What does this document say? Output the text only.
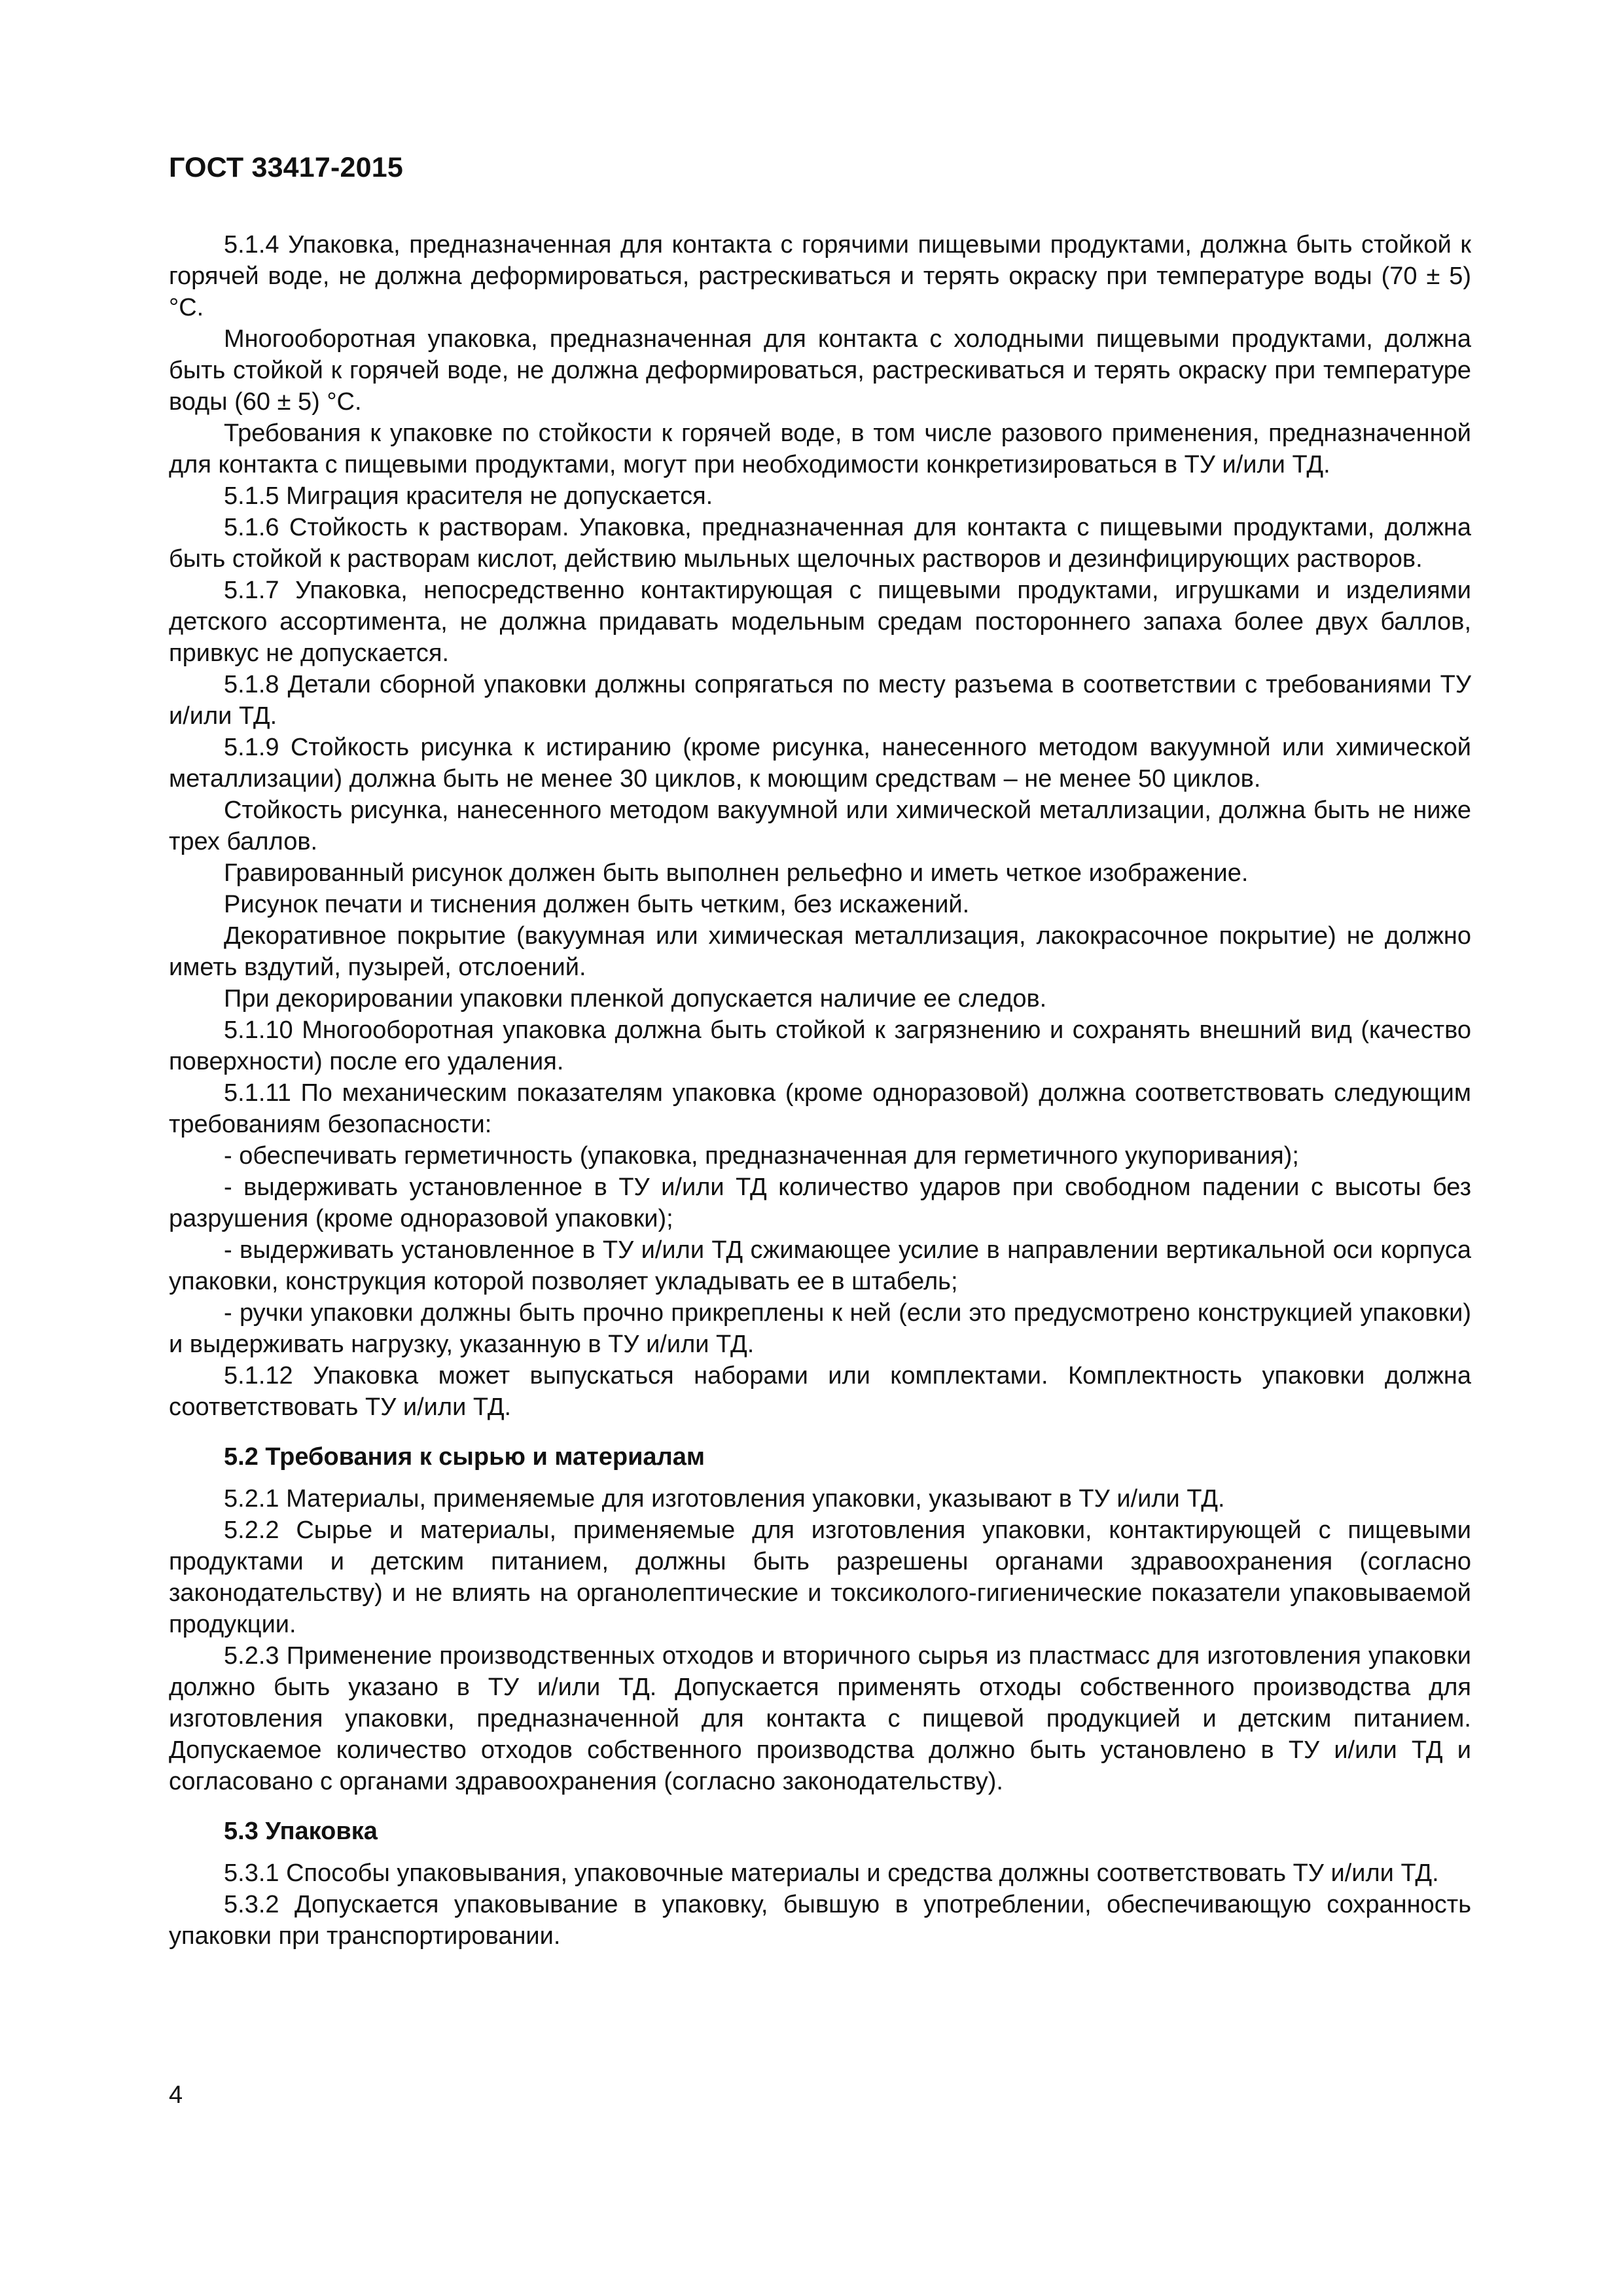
ГОСТ 33417-2015

5.1.4 Упаковка, предназначенная для контакта с горячими пищевыми продуктами, должна быть стойкой к горячей воде, не должна деформироваться, растрескиваться и терять окраску при температуре воды (70 ± 5) °С.

Многооборотная упаковка, предназначенная для контакта с холодными пищевыми продуктами, должна быть стойкой к горячей воде, не должна деформироваться, растрескиваться и терять окраску при температуре воды (60 ± 5) °С.

Требования к упаковке по стойкости к горячей воде, в том числе разового применения, предназначенной для контакта с пищевыми продуктами, могут при необходимости конкретизироваться в ТУ и/или ТД.

5.1.5 Миграция красителя не допускается.

5.1.6 Стойкость к растворам. Упаковка, предназначенная для контакта с пищевыми продуктами, должна быть стойкой к растворам кислот, действию мыльных щелочных растворов и дезинфицирующих растворов.

5.1.7 Упаковка, непосредственно контактирующая с пищевыми продуктами, игрушками и изделиями детского ассортимента, не должна придавать модельным средам постороннего запаха более двух баллов, привкус не допускается.

5.1.8 Детали сборной упаковки должны сопрягаться по месту разъема в соответствии с требованиями ТУ и/или ТД.

5.1.9 Стойкость рисунка к истиранию (кроме рисунка, нанесенного методом вакуумной или химической металлизации) должна быть не менее 30 циклов, к моющим средствам – не менее 50 циклов.

Стойкость рисунка, нанесенного методом вакуумной или химической металлизации, должна быть не ниже трех баллов.

Гравированный рисунок должен быть выполнен рельефно и иметь четкое изображение.

Рисунок печати и тиснения должен быть четким, без искажений.

Декоративное покрытие (вакуумная или химическая металлизация, лакокрасочное покрытие) не должно иметь вздутий, пузырей, отслоений.

При декорировании упаковки пленкой допускается наличие ее следов.

5.1.10 Многооборотная упаковка должна быть стойкой к загрязнению и сохранять внешний вид (качество поверхности) после его удаления.

5.1.11 По механическим показателям упаковка (кроме одноразовой) должна соответствовать следующим требованиям безопасности:

- обеспечивать герметичность (упаковка, предназначенная для герметичного укупоривания);

- выдерживать установленное в ТУ и/или ТД количество ударов при свободном падении с высоты без разрушения (кроме одноразовой упаковки);

- выдерживать установленное в ТУ и/или ТД сжимающее усилие в направлении вертикальной оси корпуса упаковки, конструкция которой позволяет укладывать ее в штабель;

- ручки упаковки должны быть прочно прикреплены к ней (если это предусмотрено конструкцией упаковки) и выдерживать нагрузку, указанную в ТУ и/или ТД.

5.1.12 Упаковка может выпускаться наборами или комплектами. Комплектность упаковки должна соответствовать ТУ и/или ТД.

5.2 Требования к сырью и материалам

5.2.1 Материалы, применяемые для изготовления упаковки, указывают в ТУ и/или ТД.

5.2.2 Сырье и материалы, применяемые для изготовления упаковки, контактирующей с пищевыми продуктами и детским питанием, должны быть разрешены органами здравоохранения (согласно законодательству) и не влиять на органолептические и токсиколого-гигиенические показатели упаковываемой продукции.

5.2.3 Применение производственных отходов и вторичного сырья из пластмасс для изготовления упаковки должно быть указано в ТУ и/или ТД. Допускается применять отходы собственного производства для изготовления упаковки, предназначенной для контакта с пищевой продукцией и детским питанием. Допускаемое количество отходов собственного производства должно быть установлено в ТУ и/или ТД и согласовано с органами здравоохранения (согласно законодательству).

5.3 Упаковка

5.3.1 Способы упаковывания, упаковочные материалы и средства должны соответствовать ТУ и/или ТД.

5.3.2 Допускается упаковывание в упаковку, бывшую в употреблении, обеспечивающую сохранность упаковки при транспортировании.

4
